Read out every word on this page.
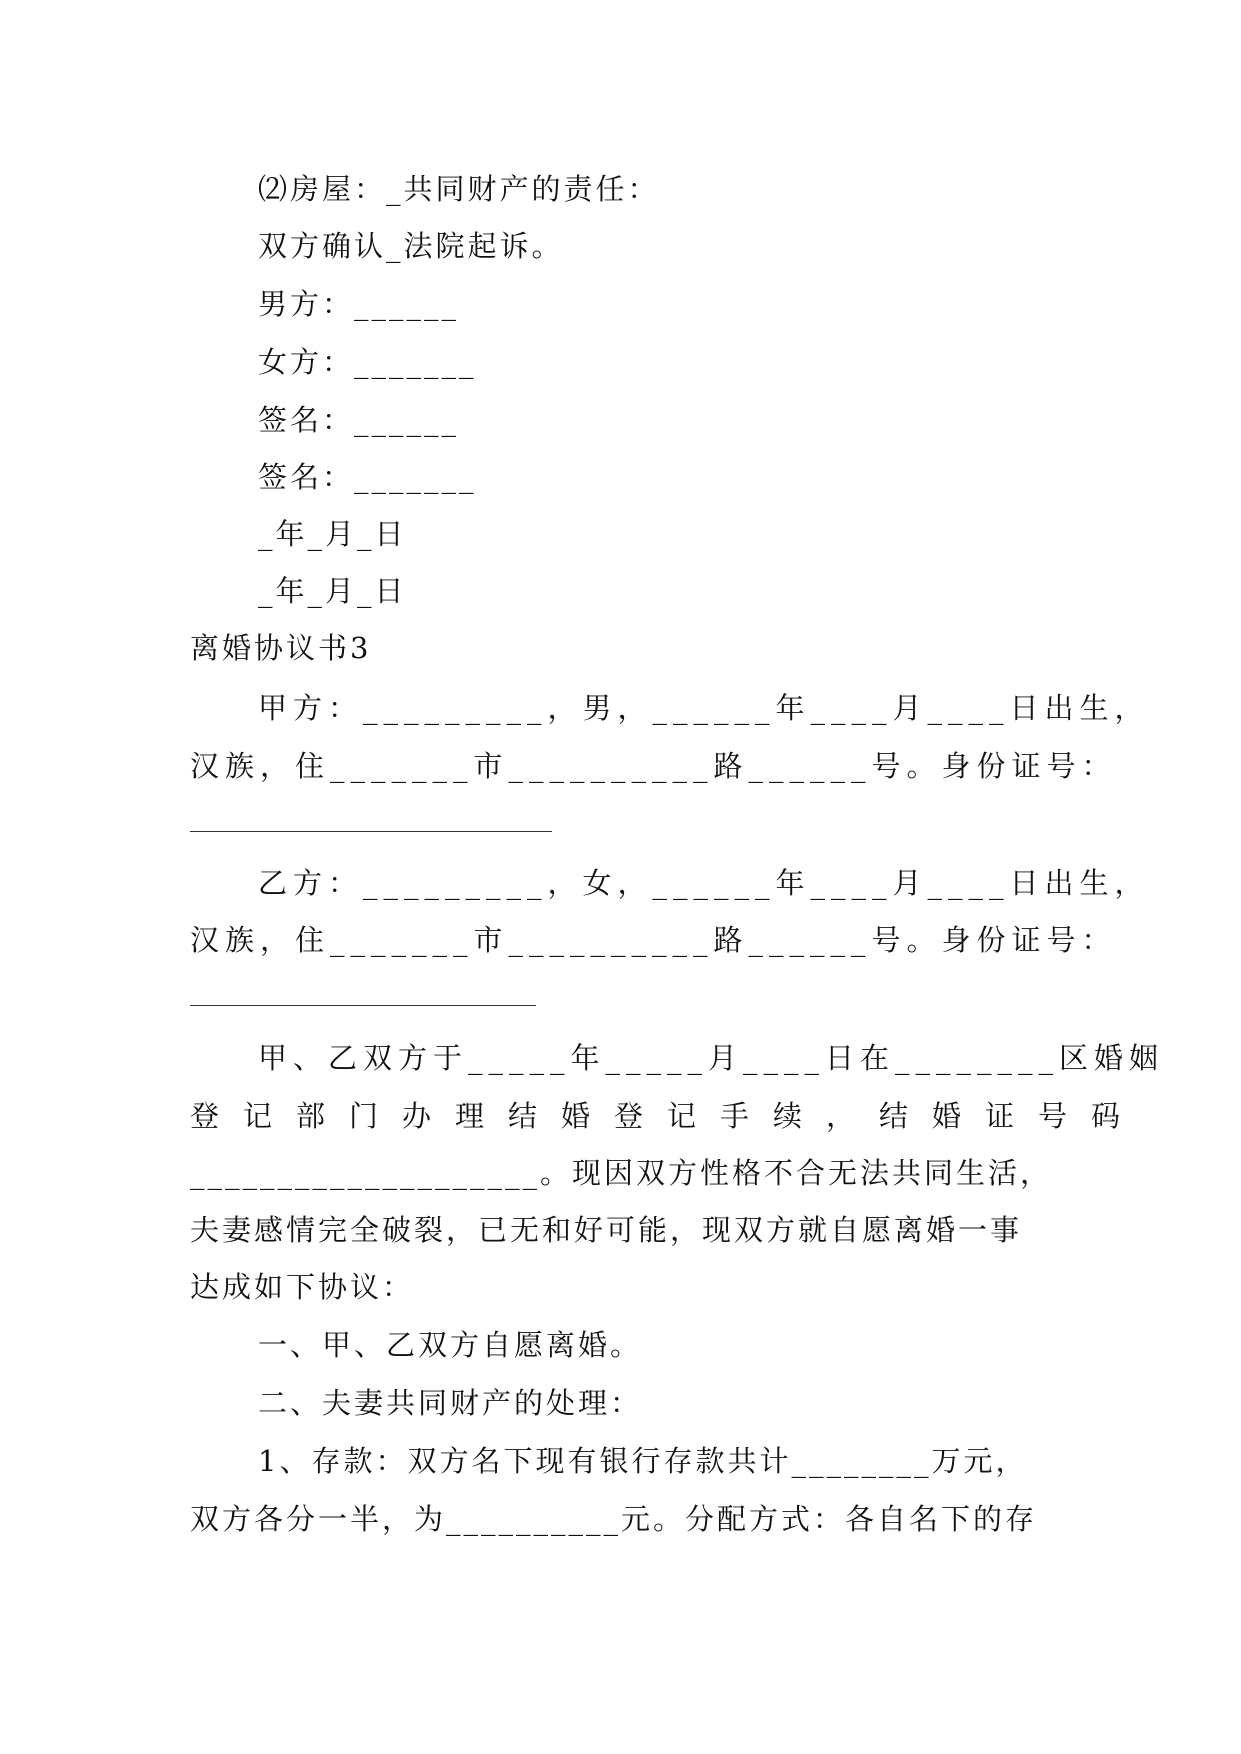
⑵房屋：_共同财产的责任：
双方确认_法院起诉。
男方：______
女方：_______
签名：______
签名：_______
_年_月_日
_年_月_日
离婚协议书3
甲方：_________，男，______年____月____日出生，
汉族，住_______市__________路______号。身份证号：
乙方：_________，女，______年____月____日出生，
汉族，住_______市__________路______号。身份证号：
甲、乙双方于_____年_____月____日在________区婚姻
登记部门办理结婚登记手续，结婚证号码
____________________。现因双方性格不合无法共同生活，
夫妻感情完全破裂，已无和好可能，现双方就自愿离婚一事
达成如下协议：
一、甲、乙双方自愿离婚。
二、夫妻共同财产的处理：
1、存款：双方名下现有银行存款共计________万元，
双方各分一半，为__________元。分配方式：各自名下的存
